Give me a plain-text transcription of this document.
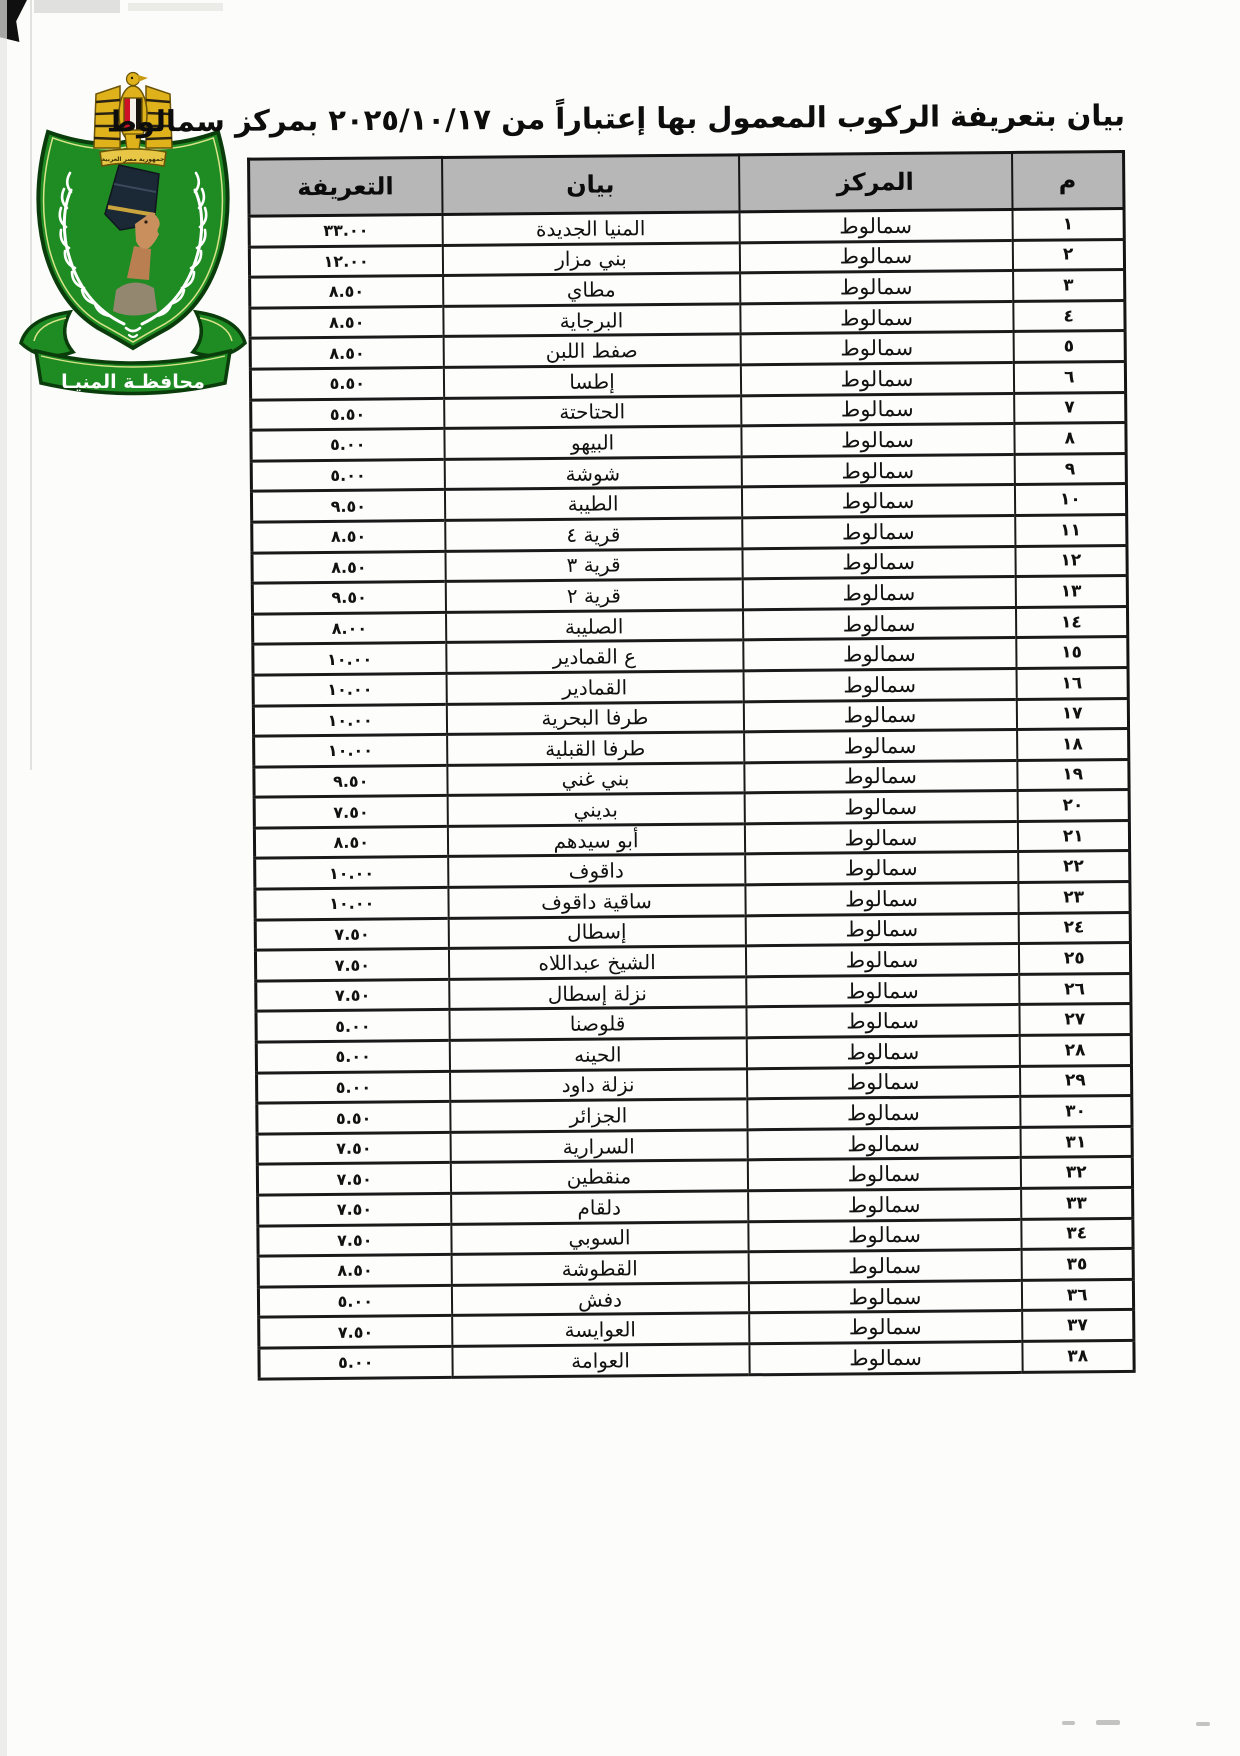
جمهورية مصر العربية
محافظـة المنيـا
بيان بتعريفة الركوب المعمول بها إعتباراً من ٢٠٢٥/١٠/١٧ بمركز سمالوط
م	المركز	بيان	التعريفة
١	سمالوط	المنيا الجديدة	٣٣.٠٠
٢	سمالوط	بني مزار	١٢.٠٠
٣	سمالوط	مطاي	٨.٥٠
٤	سمالوط	البرجاية	٨.٥٠
٥	سمالوط	صفط اللبن	٨.٥٠
٦	سمالوط	إطسا	٥.٥٠
٧	سمالوط	الحتاحتة	٥.٥٠
٨	سمالوط	البيهو	٥.٠٠
٩	سمالوط	شوشة	٥.٠٠
١٠	سمالوط	الطيبة	٩.٥٠
١١	سمالوط	قرية ٤	٨.٥٠
١٢	سمالوط	قرية ٣	٨.٥٠
١٣	سمالوط	قرية ٢	٩.٥٠
١٤	سمالوط	الصليبة	٨.٠٠
١٥	سمالوط	ع القمادير	١٠.٠٠
١٦	سمالوط	القمادير	١٠.٠٠
١٧	سمالوط	طرفا البحرية	١٠.٠٠
١٨	سمالوط	طرفا القبلية	١٠.٠٠
١٩	سمالوط	بني غني	٩.٥٠
٢٠	سمالوط	بديني	٧.٥٠
٢١	سمالوط	أبو سيدهم	٨.٥٠
٢٢	سمالوط	داقوف	١٠.٠٠
٢٣	سمالوط	ساقية داقوف	١٠.٠٠
٢٤	سمالوط	إسطال	٧.٥٠
٢٥	سمالوط	الشيخ عبداللاه	٧.٥٠
٢٦	سمالوط	نزلة إسطال	٧.٥٠
٢٧	سمالوط	قلوصنا	٥.٠٠
٢٨	سمالوط	الحينه	٥.٠٠
٢٩	سمالوط	نزلة داود	٥.٠٠
٣٠	سمالوط	الجزائر	٥.٥٠
٣١	سمالوط	السرارية	٧.٥٠
٣٢	سمالوط	منقطين	٧.٥٠
٣٣	سمالوط	دلقام	٧.٥٠
٣٤	سمالوط	السوبي	٧.٥٠
٣٥	سمالوط	القطوشة	٨.٥٠
٣٦	سمالوط	دفش	٥.٠٠
٣٧	سمالوط	العوايسة	٧.٥٠
٣٨	سمالوط	العوامة	٥.٠٠
